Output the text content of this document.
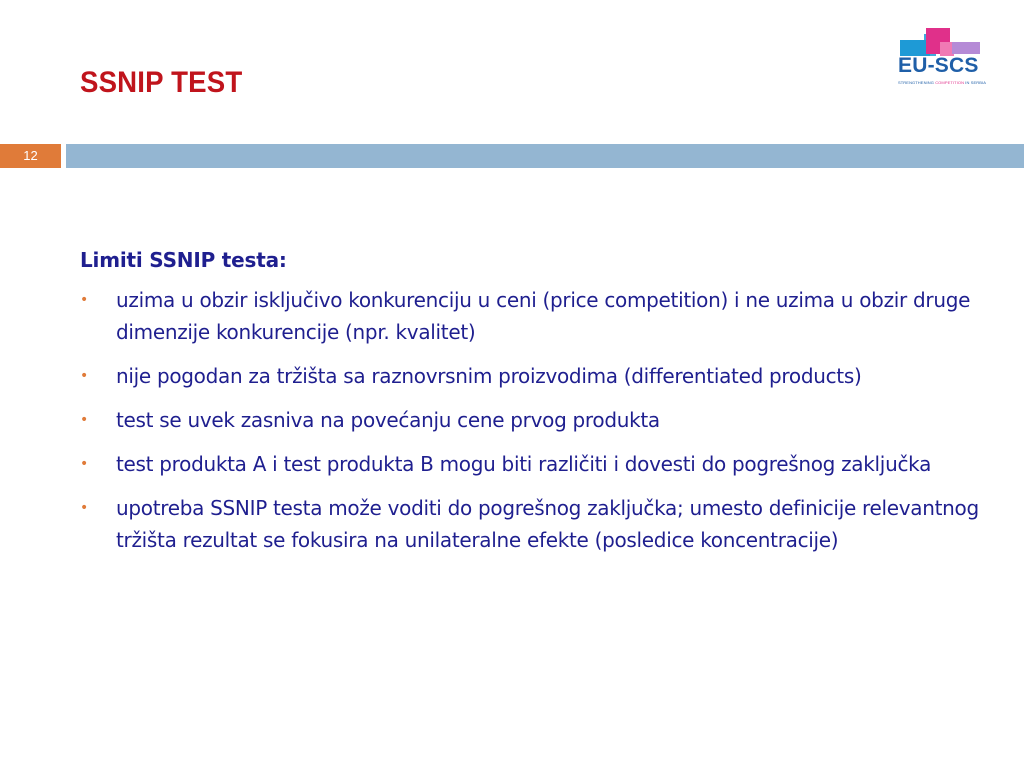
SSNIP TEST
EU-SCS
STRENGTHENING COMPETITION IN SERBIA
12
Limiti SSNIP testa:
• uzima u obzir isključivo konkurenciju u ceni (price competition) i ne uzima u obzir druge dimenzije konkurencije (npr. kvalitet)
• nije pogodan za tržišta sa raznovrsnim proizvodima (differentiated products)
• test se uvek zasniva na povećanju cene prvog produkta
• test produkta A i test produkta B mogu biti različiti i dovesti do pogrešnog zaključka
• upotreba SSNIP testa može voditi do pogrešnog zaključka; umesto definicije relevantnog tržišta rezultat se fokusira na unilateralne efekte (posledice koncentracije)
